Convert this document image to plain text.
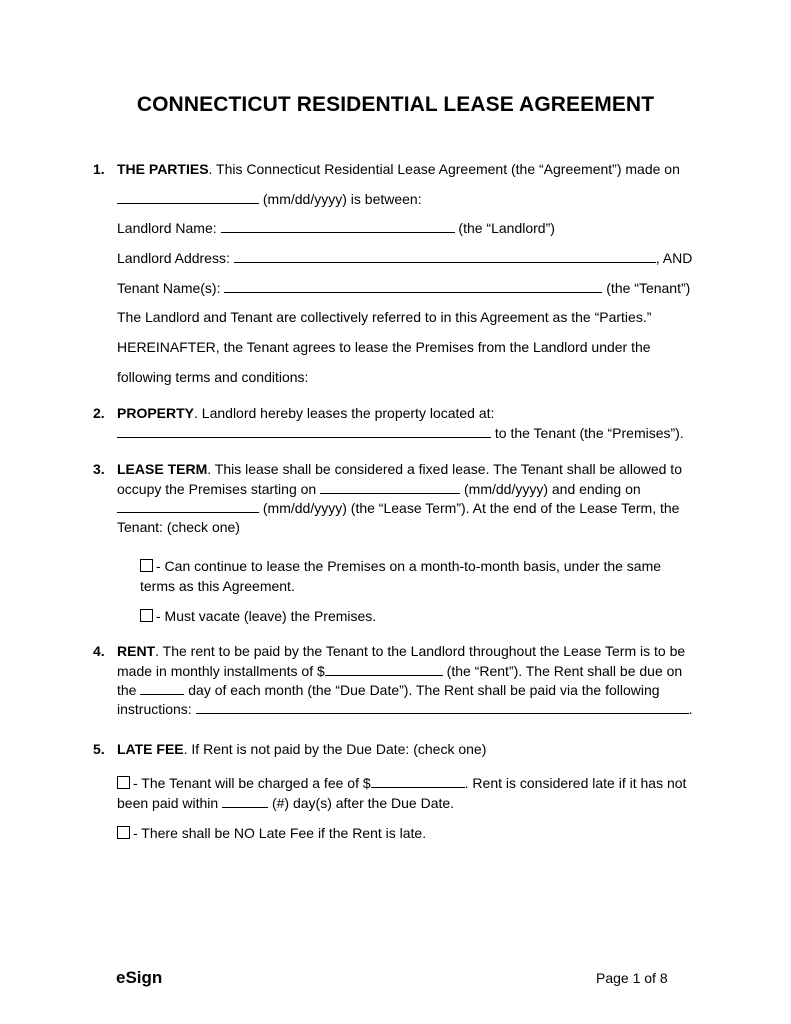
CONNECTICUT RESIDENTIAL LEASE AGREEMENT
1. THE PARTIES. This Connecticut Residential Lease Agreement (the “Agreement”) made on
(mm/dd/yyyy) is between:
Landlord Name:	(the “Landlord”)
Landlord Address:	, AND
Tenant Name(s):	(the “Tenant”)
The Landlord and Tenant are collectively referred to in this Agreement as the “Parties.”
HEREINAFTER, the Tenant agrees to lease the Premises from the Landlord under the
following terms and conditions:
2. PROPERTY. Landlord hereby leases the property located at:
to the Tenant (the “Premises”).
3. LEASE TERM. This lease shall be considered a fixed lease. The Tenant shall be allowed to
occupy the Premises starting on	(mm/dd/yyyy) and ending on
(mm/dd/yyyy) (the “Lease Term”). At the end of the Lease Term, the
Tenant: (check one)
- Can continue to lease the Premises on a month-to-month basis, under the same
terms as this Agreement.
- Must vacate (leave) the Premises.
4. RENT. The rent to be paid by the Tenant to the Landlord throughout the Lease Term is to be
made in monthly installments of $	(the “Rent”). The Rent shall be due on
the	day of each month (the “Due Date”). The Rent shall be paid via the following
instructions:	.
5. LATE FEE. If Rent is not paid by the Due Date: (check one)
- The Tenant will be charged a fee of $	. Rent is considered late if it has not
been paid within	(#) day(s) after the Due Date.
- There shall be NO Late Fee if the Rent is late.
eSign	Page 1 of 8
